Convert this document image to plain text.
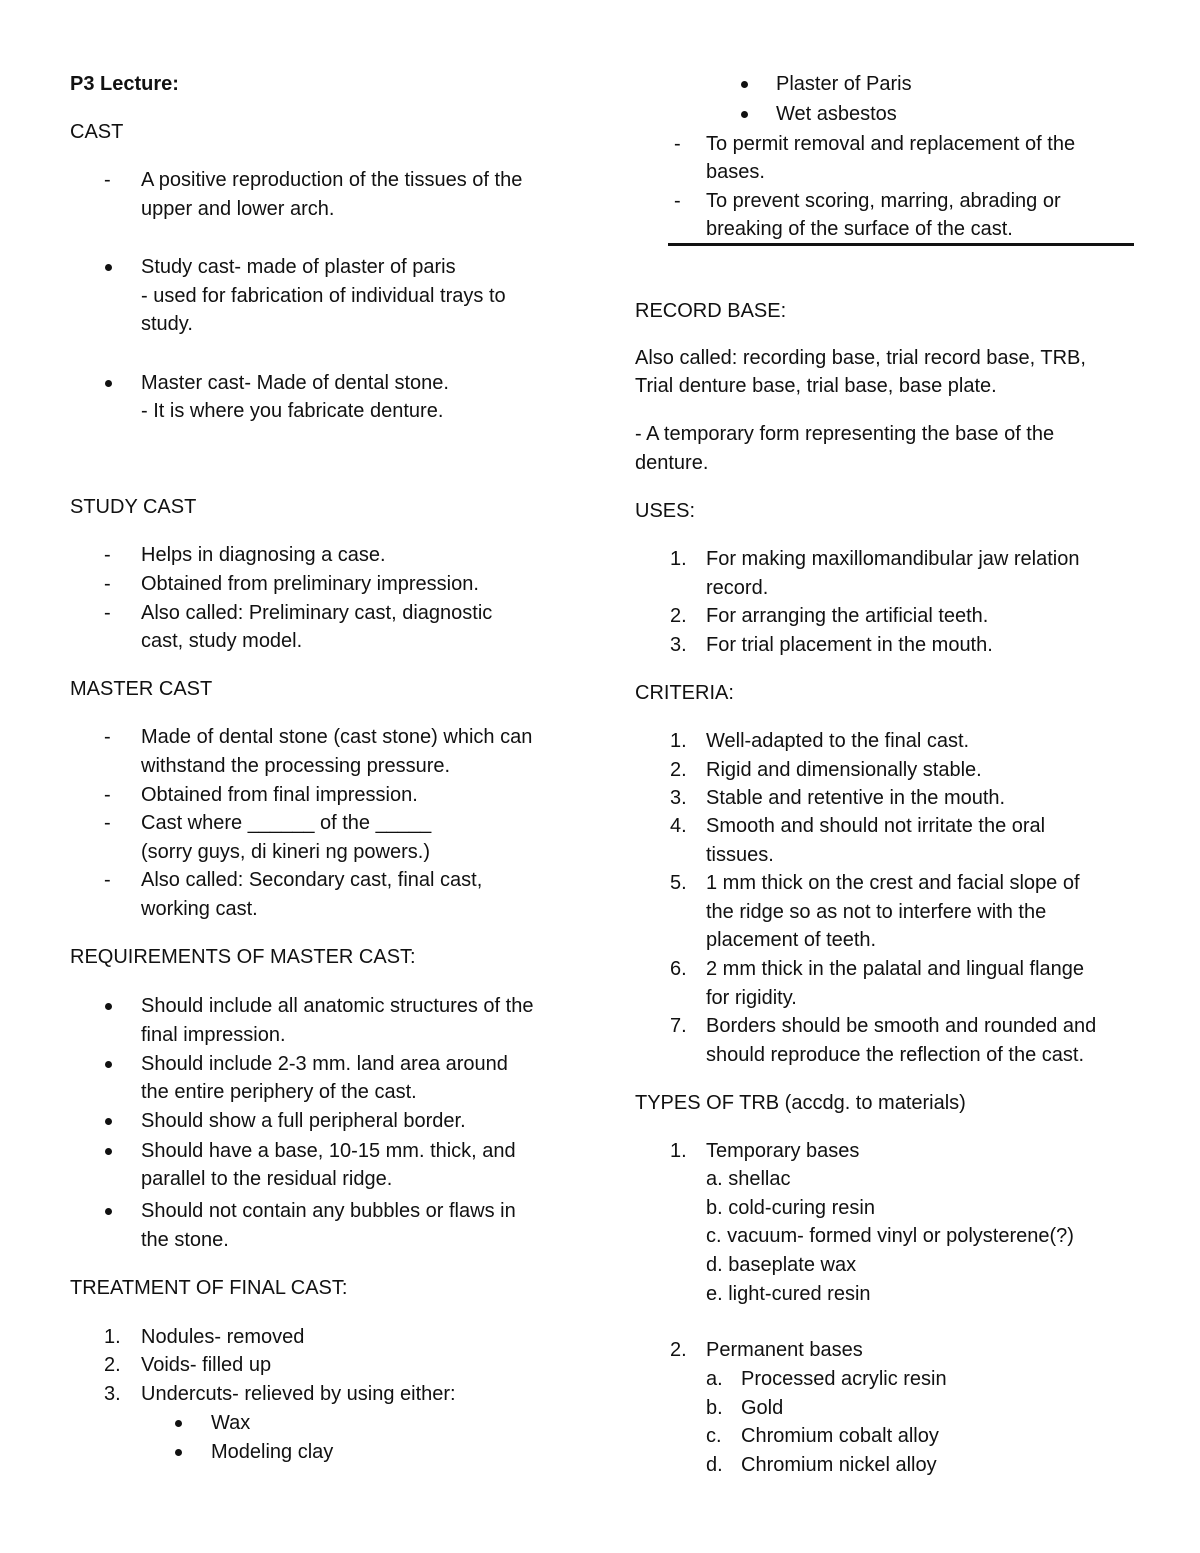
P3 Lecture:
CAST
- A positive reproduction of the tissues of the
upper and lower arch.
Study cast- made of plaster of paris
- used for fabrication of individual trays to
study.
Master cast- Made of dental stone.
- It is where you fabricate denture.
STUDY CAST
- Helps in diagnosing a case.
- Obtained from preliminary impression.
- Also called: Preliminary cast, diagnostic
cast, study model.
MASTER CAST
- Made of dental stone (cast stone) which can
withstand the processing pressure.
- Obtained from final impression.
- Cast where ______ of the _____
(sorry guys, di kineri ng powers.)
- Also called: Secondary cast, final cast,
working cast.
REQUIREMENTS OF MASTER CAST:
Should include all anatomic structures of the
final impression.
Should include 2-3 mm. land area around
the entire periphery of the cast.
Should show a full peripheral border.
Should have a base, 10-15 mm. thick, and
parallel to the residual ridge.
Should not contain any bubbles or flaws in
the stone.
TREATMENT OF FINAL CAST:
1. Nodules- removed
2. Voids- filled up
3. Undercuts- relieved by using either:
Wax
Modeling clay
Plaster of Paris
Wet asbestos
- To permit removal and replacement of the
bases.
- To prevent scoring, marring, abrading or
breaking of the surface of the cast.
RECORD BASE:
Also called: recording base, trial record base, TRB,
Trial denture base, trial base, base plate.
- A temporary form representing the base of the
denture.
USES:
1. For making maxillomandibular jaw relation
record.
2. For arranging the artificial teeth.
3. For trial placement in the mouth.
CRITERIA:
1. Well-adapted to the final cast.
2. Rigid and dimensionally stable.
3. Stable and retentive in the mouth.
4. Smooth and should not irritate the oral
tissues.
5. 1 mm thick on the crest and facial slope of
the ridge so as not to interfere with the
placement of teeth.
6. 2 mm thick in the palatal and lingual flange
for rigidity.
7. Borders should be smooth and rounded and
should reproduce the reflection of the cast.
TYPES OF TRB (accdg. to materials)
1. Temporary bases
a. shellac
b. cold-curing resin
c. vacuum- formed vinyl or polysterene(?)
d. baseplate wax
e. light-cured resin
2. Permanent bases
a. Processed acrylic resin
b. Gold
c. Chromium cobalt alloy
d. Chromium nickel alloy
